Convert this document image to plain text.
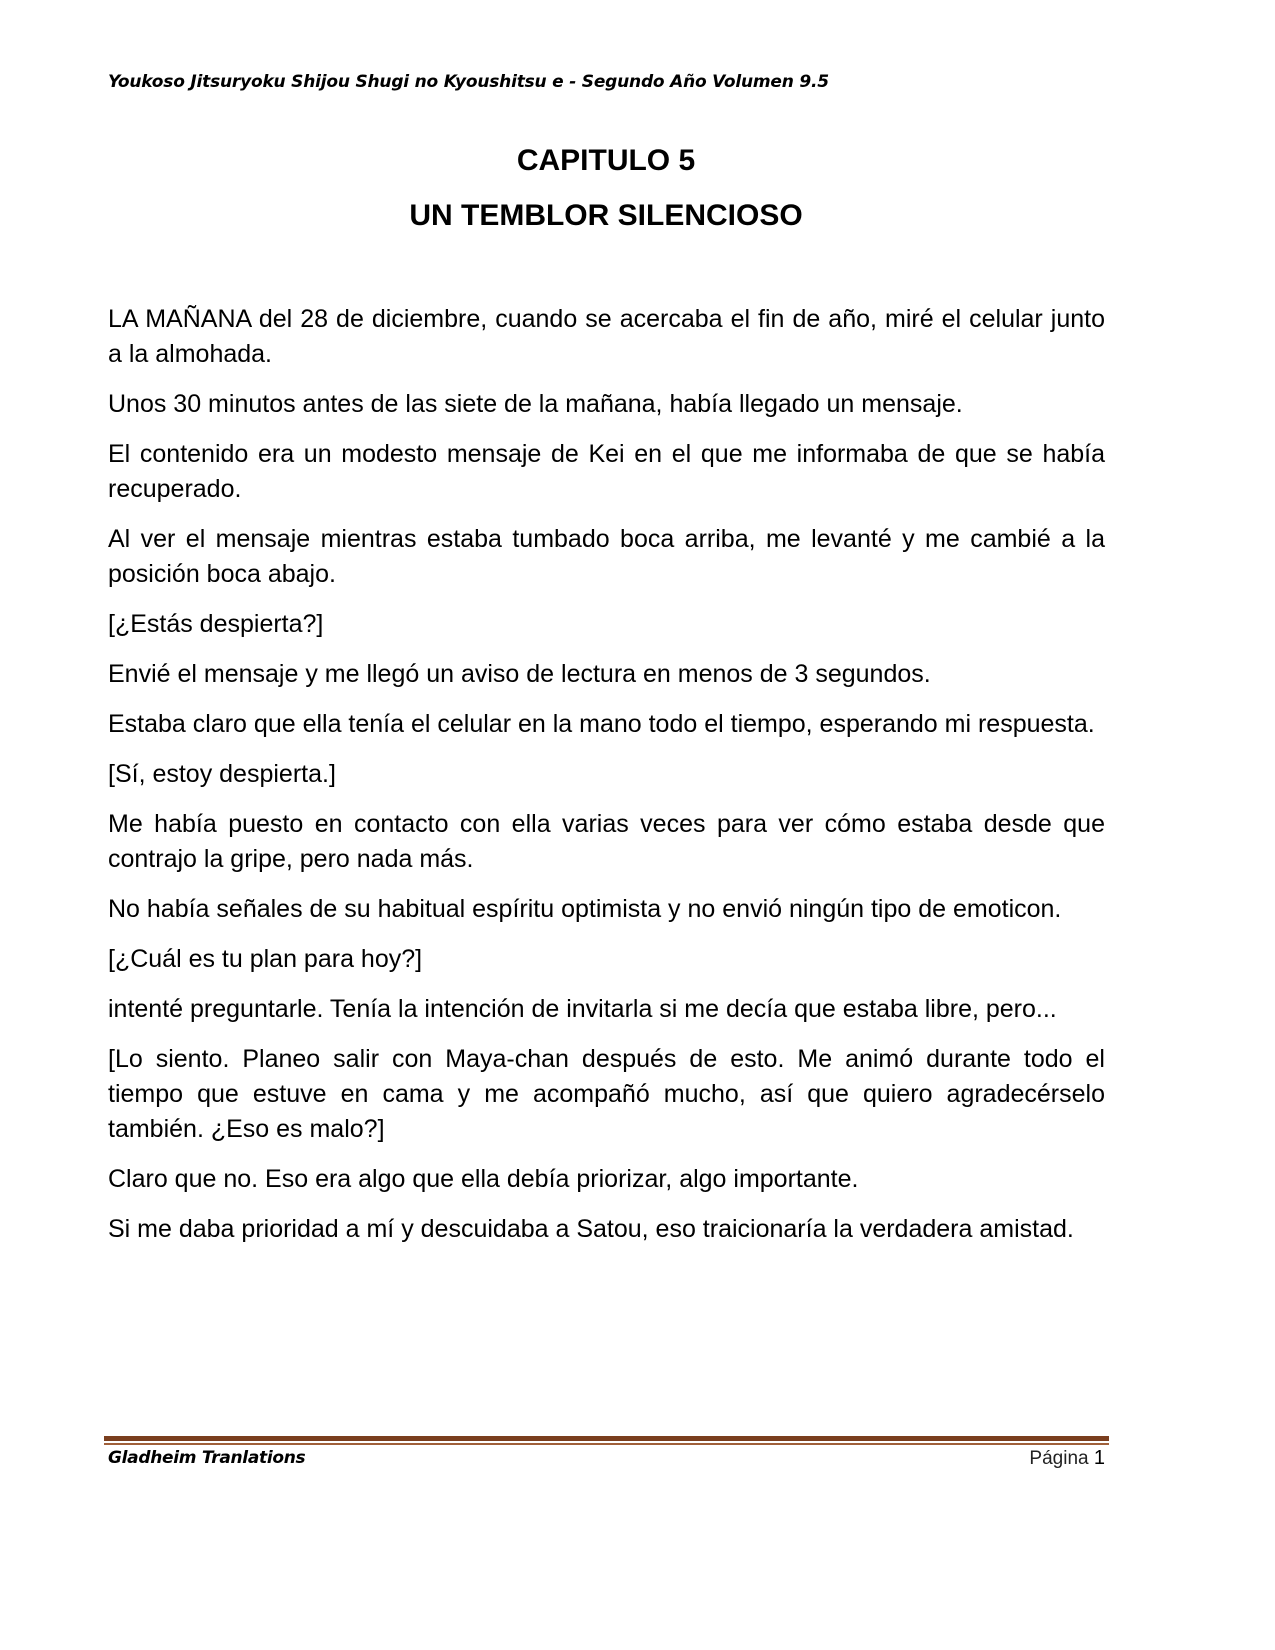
Youkoso Jitsuryoku Shijou Shugi no Kyoushitsu e - Segundo Año Volumen 9.5
CAPITULO 5
UN TEMBLOR SILENCIOSO

LA MAÑANA del 28 de diciembre, cuando se acercaba el fin de año, miré el celular junto a la almohada.

Unos 30 minutos antes de las siete de la mañana, había llegado un mensaje.

El contenido era un modesto mensaje de Kei en el que me informaba de que se había recuperado.

Al ver el mensaje mientras estaba tumbado boca arriba, me levanté y me cambié a la posición boca abajo.

[¿Estás despierta?]

Envié el mensaje y me llegó un aviso de lectura en menos de 3 segundos.

Estaba claro que ella tenía el celular en la mano todo el tiempo, esperando mi respuesta.

[Sí, estoy despierta.]

Me había puesto en contacto con ella varias veces para ver cómo estaba desde que contrajo la gripe, pero nada más.

No había señales de su habitual espíritu optimista y no envió ningún tipo de emoticon.

[¿Cuál es tu plan para hoy?]

intenté preguntarle. Tenía la intención de invitarla si me decía que estaba libre, pero...

[Lo siento. Planeo salir con Maya-chan después de esto. Me animó durante todo el tiempo que estuve en cama y me acompañó mucho, así que quiero agradecérselo también. ¿Eso es malo?]

Claro que no. Eso era algo que ella debía priorizar, algo importante.

Si me daba prioridad a mí y descuidaba a Satou, eso traicionaría la verdadera amistad.

Gladheim Tranlations	Página 1
